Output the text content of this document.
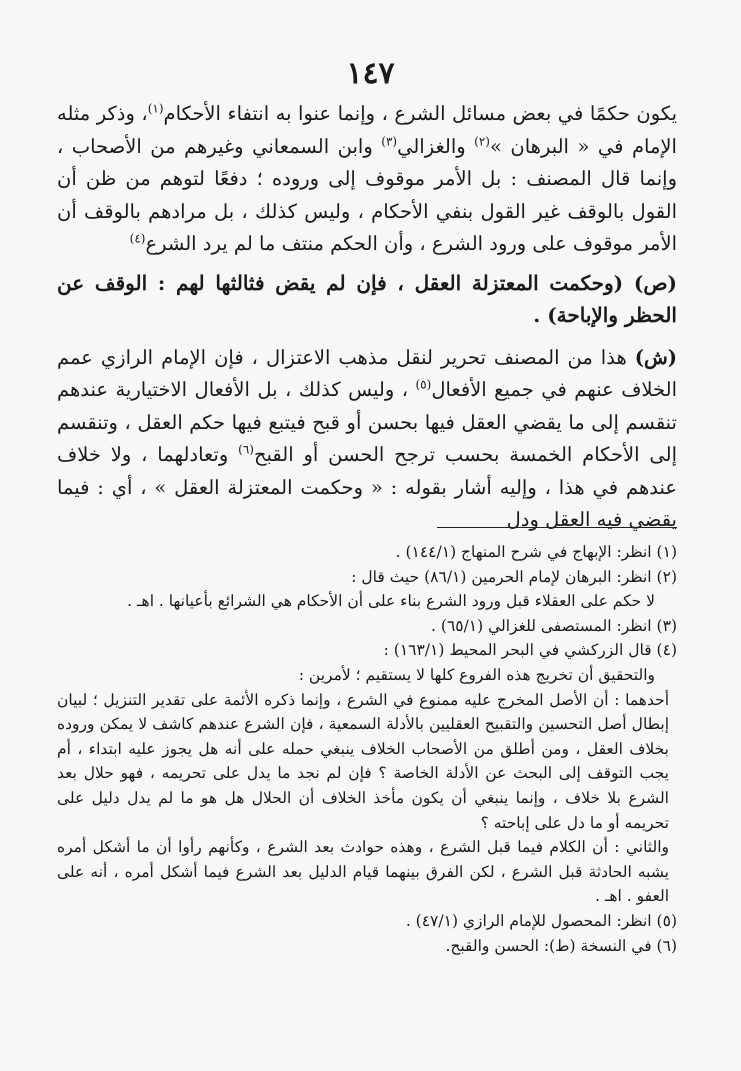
١٤٧

يكون حكمًا في بعض مسائل الشرع ، وإنما عنوا به انتفاء الأحكام$^{(١)}$، وذكر مثله الإمام في « البرهان »$^{(٢)}$ والغزالي$^{(٣)}$ وابن السمعاني وغيرهم من الأصحاب ، وإنما قال المصنف : بل الأمر موقوف إلى وروده ؛ دفعًا لتوهم من ظن أن القول بالوقف غير القول بنفي الأحكام ، وليس كذلك ، بل مرادهم بالوقف أن الأمر موقوف على ورود الشرع ، وأن الحكم منتف ما لم يرد الشرع$^{(٤)}$

(ص) (وحكمت المعتزلة العقل ، فإن لم يقض فثالثها لهم : الوقف عن الحظر والإباحة) .

(ش) هذا من المصنف تحرير لنقل مذهب الاعتزال ، فإن الإمام الرازي عمم الخلاف عنهم في جميع الأفعال$^{(٥)}$ ، وليس كذلك ، بل الأفعال الاختيارية عندهم تنقسم إلى ما يقضي العقل فيها بحسن أو قبح فيتبع فيها حكم العقل ، وتنقسم إلى الأحكام الخمسة بحسب ترجح الحسن أو القبح$^{(٦)}$ وتعادلهما ، ولا خلاف عندهم في هذا ، وإليه أشار بقوله : « وحكمت المعتزلة العقل » ، أي : فيما يقضي فيه العقل ودل

(١) انظر: الإبهاج في شرح المنهاج (١٤٤/١) .

(٢) انظر: البرهان لإمام الحرمين (٨٦/١) حيث قال :

لا حكم على العقلاء قبل ورود الشرع بناء على أن الأحكام هي الشرائع بأعيانها . اهـ .

(٣) انظر: المستصفى للغزالي (٦٥/١) .

(٤) قال الزركشي في البحر المحيط (١٦٣/١) :

والتحقيق أن تخريج هذه الفروع كلها لا يستقيم ؛ لأمرين :

أحدهما : أن الأصل المخرج عليه ممنوع في الشرع ، وإنما ذكره الأئمة على تقدير التنزيل ؛ لبيان إبطال أصل التحسين والتقبيح العقليين بالأدلة السمعية ، فإن الشرع عندهم كاشف لا يمكن وروده بخلاف العقل ، ومن أطلق من الأصحاب الخلاف ينبغي حمله على أنه هل يجوز عليه ابتداء ، أم يجب التوقف إلى البحث عن الأدلة الخاصة ؟ فإن لم نجد ما يدل على تحريمه ، فهو حلال بعد الشرع بلا خلاف ، وإنما ينبغي أن يكون مأخذ الخلاف أن الحلال هل هو ما لم يدل دليل على تحريمه أو ما دل على إباحته ؟

والثاني : أن الكلام فيما قبل الشرع ، وهذه حوادث بعد الشرع ، وكأنهم رأوا أن ما أشكل أمره يشبه الحادثة قبل الشرع ، لكن الفرق بينهما قيام الدليل بعد الشرع فيما أشكل أمره ، أنه على العفو . اهـ .

(٥) انظر: المحصول للإمام الرازي (٤٧/١) .

(٦) في النسخة (ط): الحسن والقبح.
